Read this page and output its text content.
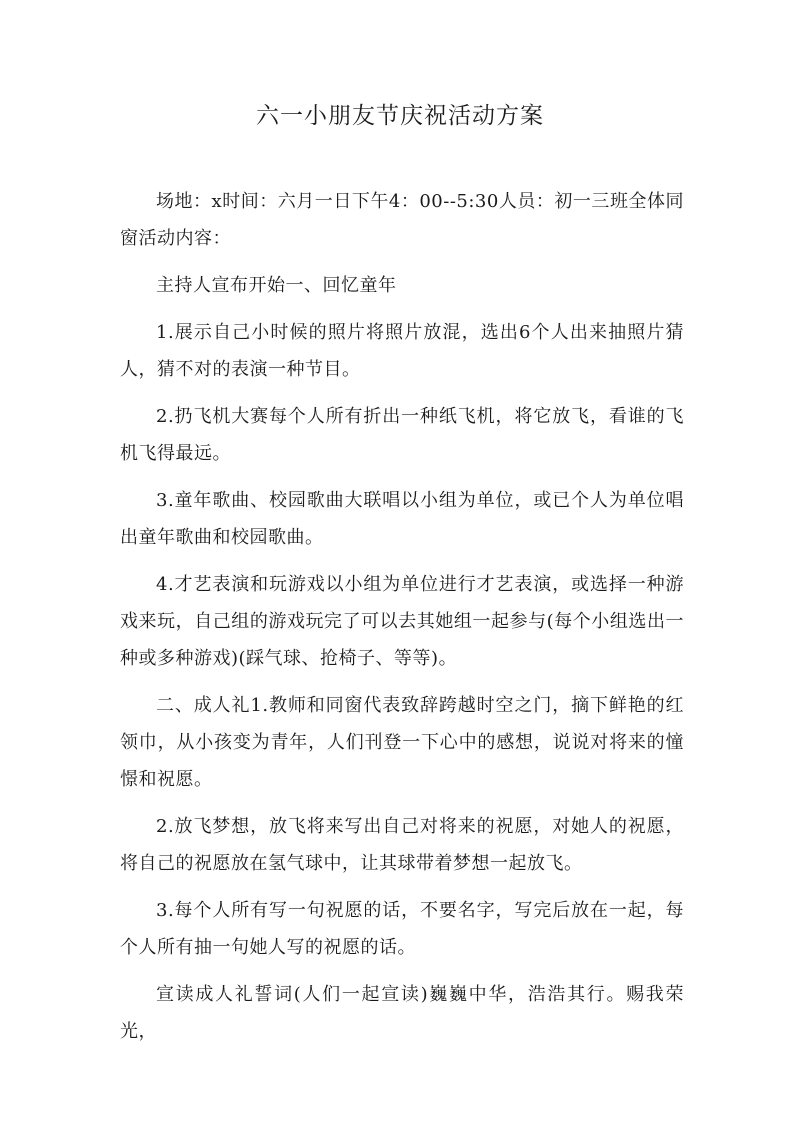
六一小朋友节庆祝活动方案

场地：x时间：六月一日下午4：00--5:30人员：初一三班全体同窗活动内容：

主持人宣布开始一、回忆童年

1.展示自己小时候的照片将照片放混，选出6个人出来抽照片猜人，猜不对的表演一种节目。

2.扔飞机大赛每个人所有折出一种纸飞机，将它放飞，看谁的飞机飞得最远。

3.童年歌曲、校园歌曲大联唱以小组为单位，或已个人为单位唱出童年歌曲和校园歌曲。

4.才艺表演和玩游戏以小组为单位进行才艺表演，或选择一种游戏来玩，自己组的游戏玩完了可以去其她组一起参与(每个小组选出一种或多种游戏)(踩气球、抢椅子、等等)。

二、成人礼1.教师和同窗代表致辞跨越时空之门，摘下鲜艳的红领巾，从小孩变为青年，人们刊登一下心中的感想，说说对将来的憧憬和祝愿。

2.放飞梦想，放飞将来写出自己对将来的祝愿，对她人的祝愿，将自己的祝愿放在氢气球中，让其球带着梦想一起放飞。

3.每个人所有写一句祝愿的话，不要名字，写完后放在一起，每个人所有抽一句她人写的祝愿的话。

宣读成人礼誓词(人们一起宣读)巍巍中华，浩浩其行。赐我荣光，
